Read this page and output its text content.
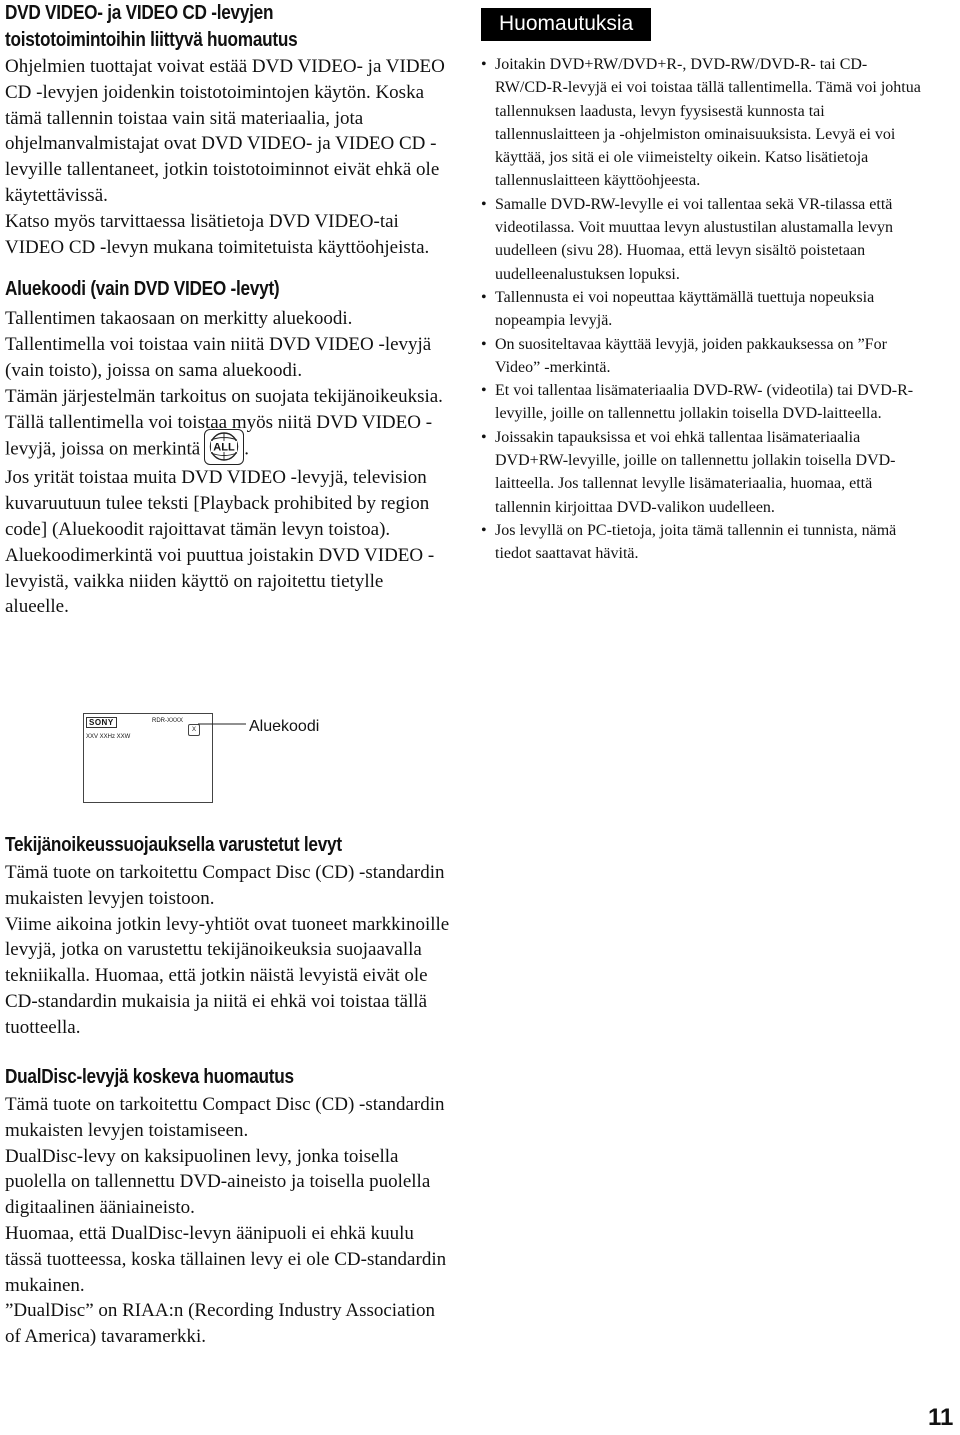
DVD VIDEO- ja VIDEO CD -levyjen
toistotoimintoihin liittyvä huomautus

Ohjelmien tuottajat voivat estää DVD VIDEO- ja VIDEO CD -levyjen joidenkin toistotoimintojen käytön. Koska tämä tallennin toistaa vain sitä materiaalia, jota ohjelmanvalmistajat ovat DVD VIDEO- ja VIDEO CD -levyille tallentaneet, jotkin toistotoiminnot eivät ehkä ole käytettävissä.

Katso myös tarvittaessa lisätietoja DVD VIDEO-tai VIDEO CD -levyn mukana toimitetuista käyttöohjeista.

Aluekoodi (vain DVD VIDEO -levyt)

Tallentimen takaosaan on merkitty aluekoodi.

Tallentimella voi toistaa vain niitä DVD VIDEO -levyjä (vain toisto), joissa on sama aluekoodi.

Tämän järjestelmän tarkoitus on suojata tekijänoikeuksia.

Tällä tallentimella voi toistaa myös niitä DVD VIDEO -levyjä, joissa on merkintä ALL .

Jos yrität toistaa muita DVD VIDEO -levyjä, television kuvaruutuun tulee teksti [Playback prohibited by region code] (Aluekoodit rajoittavat tämän levyn toistoa). Aluekoodimerkintä voi puuttua joistakin DVD VIDEO -levyistä, vaikka niiden käyttö on rajoitettu tietylle alueelle.

Huomautuksia
• Joitakin DVD+RW/DVD+R-, DVD-RW/DVD-R- tai CD-RW/CD-R-levyjä ei voi toistaa tällä tallentimella. Tämä voi johtua tallennuksen laadusta, levyn fyysisestä kunnosta tai tallennuslaitteen ja -ohjelmiston ominaisuuksista. Levyä ei voi käyttää, jos sitä ei ole viimeistelty oikein. Katso lisätietoja tallennuslaitteen käyttöohjeesta.
• Samalle DVD-RW-levylle ei voi tallentaa sekä VR-tilassa että videotilassa. Voit muuttaa levyn alustustilan alustamalla levyn uudelleen (sivu 28). Huomaa, että levyn sisältö poistetaan uudelleenalustuksen lopuksi.
• Tallennusta ei voi nopeuttaa käyttämällä tuettuja nopeuksia nopeampia levyjä.
• On suositeltavaa käyttää levyjä, joiden pakkauksessa on ”For Video” -merkintä.
• Et voi tallentaa lisämateriaalia DVD-RW- (videotila) tai DVD-R-levyille, joille on tallennettu jollakin toisella DVD-laitteella.
• Joissakin tapauksissa et voi ehkä tallentaa lisämateriaalia DVD+RW-levyille, joille on tallennettu jollakin toisella DVD-laitteella. Jos tallennat levylle lisämateriaalia, huomaa, että tallennin kirjoittaa DVD-valikon uudelleen.
• Jos levyllä on PC-tietoja, joita tämä tallennin ei tunnista, nämä tiedot saattavat hävitä.
SONY	RDR-XXXX
XXV XXHz XXW
X	Aluekoodi
Tekijänoikeussuojauksella varustetut levyt

Tämä tuote on tarkoitettu Compact Disc (CD) -standardin mukaisten levyjen toistoon.

Viime aikoina jotkin levy-yhtiöt ovat tuoneet markkinoille levyjä, jotka on varustettu tekijänoikeuksia suojaavalla tekniikalla. Huomaa, että jotkin näistä levyistä eivät ole CD-standardin mukaisia ja niitä ei ehkä voi toistaa tällä tuotteella.

DualDisc-levyjä koskeva huomautus

Tämä tuote on tarkoitettu Compact Disc (CD) -standardin mukaisten levyjen toistamiseen.

DualDisc-levy on kaksipuolinen levy, jonka toisella puolella on tallennettu DVD-aineisto ja toisella puolella digitaalinen ääniaineisto.

Huomaa, että DualDisc-levyn äänipuoli ei ehkä kuulu tässä tuotteessa, koska tällainen levy ei ole CD-standardin mukainen.

”DualDisc” on RIAA:n (Recording Industry Association of America) tavaramerkki.

11
